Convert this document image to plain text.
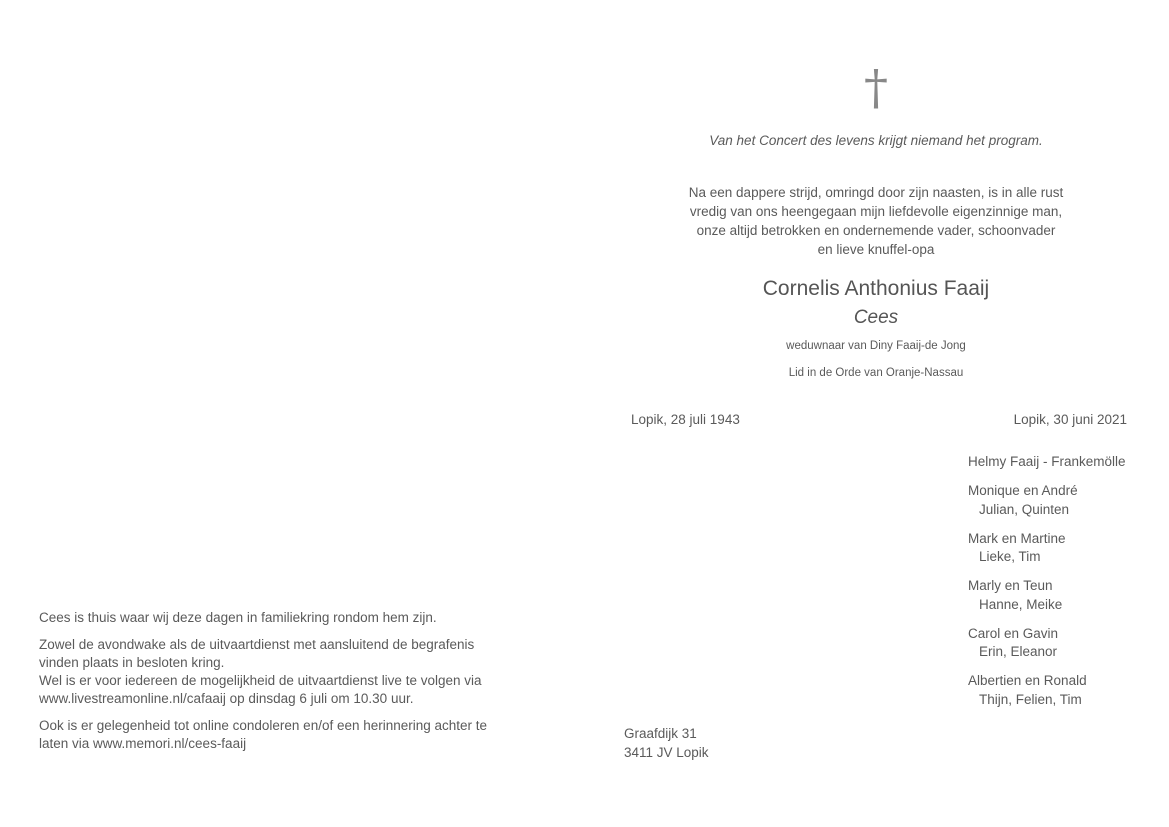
Cees is thuis waar wij deze dagen in familiekring rondom hem zijn.
Zowel de avondwake als de uitvaartdienst met aansluitend de begrafenis
vinden plaats in besloten kring.
Wel is er voor iedereen de mogelijkheid de uitvaartdienst live te volgen via
www.livestreamonline.nl/cafaaij op dinsdag 6 juli om 10.30 uur.
Ook is er gelegenheid tot online condoleren en/of een herinnering achter te
laten via www.memori.nl/cees-faaij
†
Van het Concert des levens krijgt niemand het program.
Na een dappere strijd, omringd door zijn naasten, is in alle rust
vredig van ons heengegaan mijn liefdevolle eigenzinnige man,
onze altijd betrokken en ondernemende vader, schoonvader
en lieve knuffel-opa
Cornelis Anthonius Faaij
Cees
weduwnaar van Diny Faaij-de Jong
Lid in de Orde van Oranje-Nassau
Lopik, 28 juli 1943	Lopik, 30 juni 2021
Helmy Faaij - Frankemölle
Monique en André
Julian, Quinten
Mark en Martine
Lieke, Tim
Marly en Teun
Hanne, Meike
Carol en Gavin
Erin, Eleanor
Albertien en Ronald
Thijn, Felien, Tim
Graafdijk 31
3411 JV Lopik
